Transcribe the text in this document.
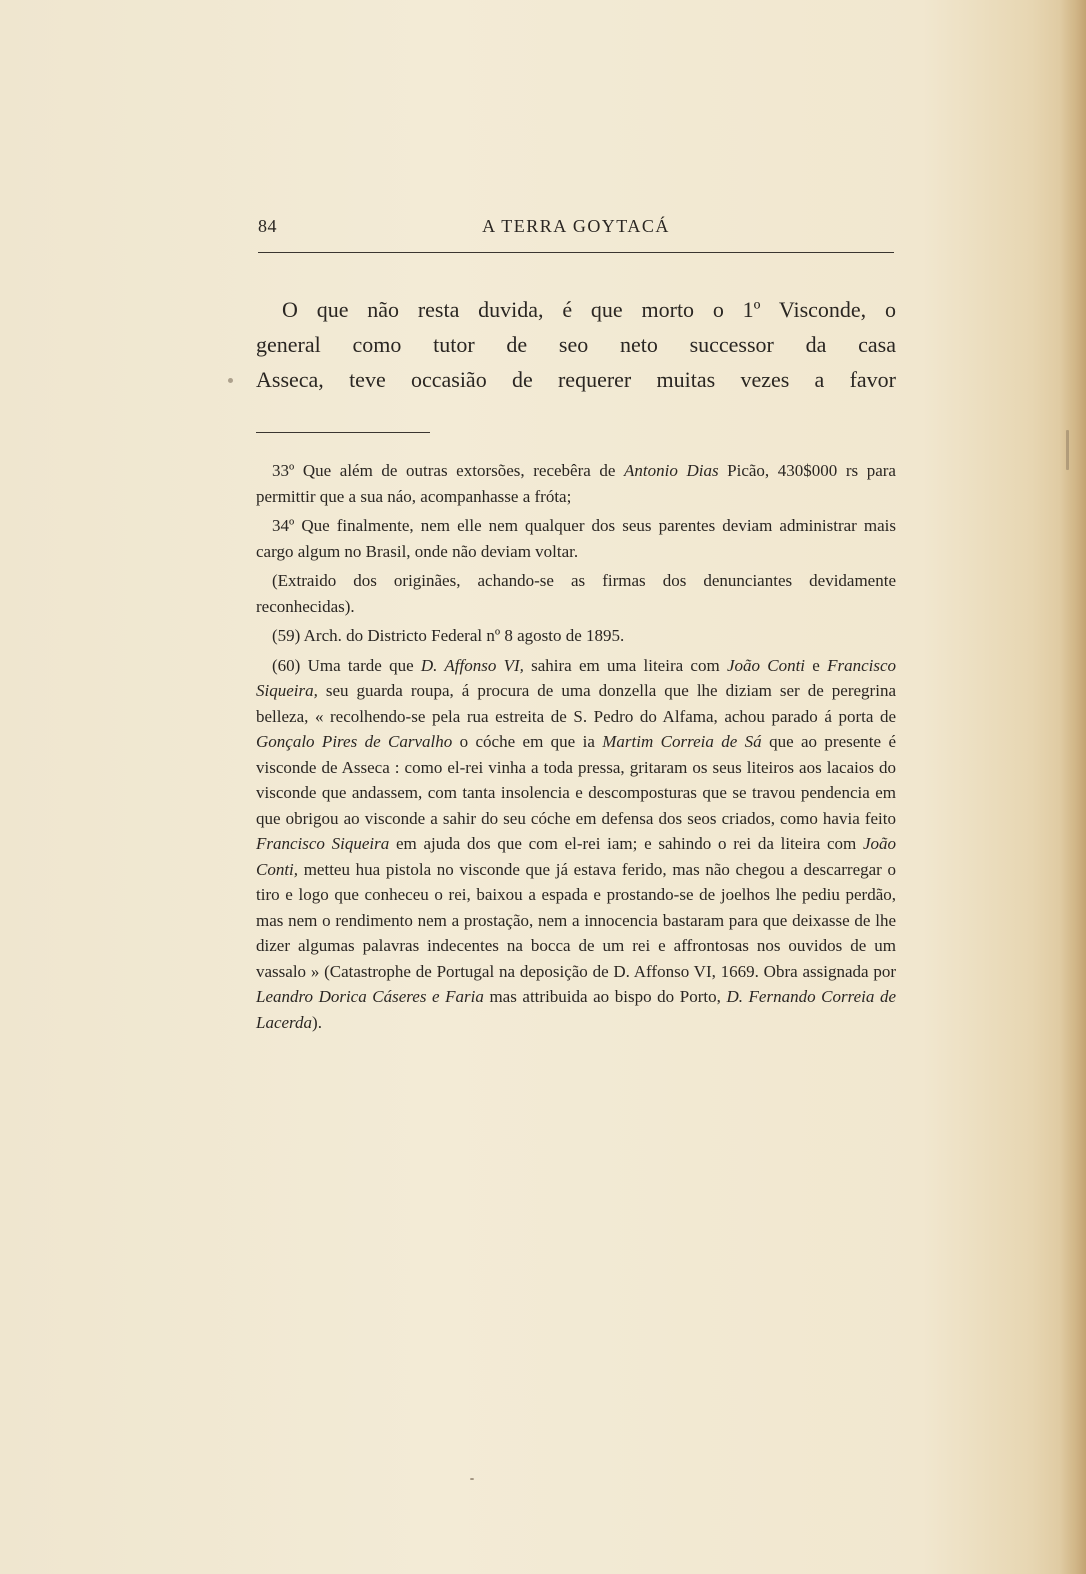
84	A TERRA GOYTACÁ
O que não resta duvida, é que morto o 1º Visconde, o
general como tutor de seo neto successor da casa
Asseca, teve occasião de requerer muitas vezes a favor

33º Que além de outras extorsões, recebêra de Antonio Dias Picão, 430$000 rs para permittir que a sua náo, acompanhasse a fróta;

34º Que finalmente, nem elle nem qualquer dos seus parentes deviam administrar mais cargo algum no Brasil, onde não deviam voltar.

(Extraido dos originães, achando-se as firmas dos denunciantes devidamente reconhecidas).

(59) Arch. do Districto Federal nº 8 agosto de 1895.

(60) Uma tarde que D. Affonso VI, sahira em uma liteira com João Conti e Francisco Siqueira, seu guarda roupa, á procura de uma donzella que lhe diziam ser de peregrina belleza, « recolhendo-se pela rua estreita de S. Pedro do Alfama, achou parado á porta de Gonçalo Pires de Carvalho o cóche em que ia Martim Correia de Sá que ao presente é visconde de Asseca : como el-rei vinha a toda pressa, gritaram os seus liteiros aos lacaios do visconde que andassem, com tanta insolencia e descomposturas que se travou pendencia em que obrigou ao visconde a sahir do seu cóche em defensa dos seos criados, como havia feito Francisco Siqueira em ajuda dos que com el-rei iam; e sahindo o rei da liteira com João Conti, metteu hua pistola no visconde que já estava ferido, mas não chegou a descarregar o tiro e logo que conheceu o rei, baixou a espada e prostando-se de joelhos lhe pediu perdão, mas nem o rendimento nem a prostação, nem a innocencia bastaram para que deixasse de lhe dizer algumas palavras indecentes na bocca de um rei e affrontosas nos ouvidos de um vassalo » (Catastrophe de Portugal na deposição de D. Affonso VI, 1669. Obra assignada por Leandro Dorica Cáseres e Faria mas attribuida ao bispo do Porto, D. Fernando Correia de Lacerda).
